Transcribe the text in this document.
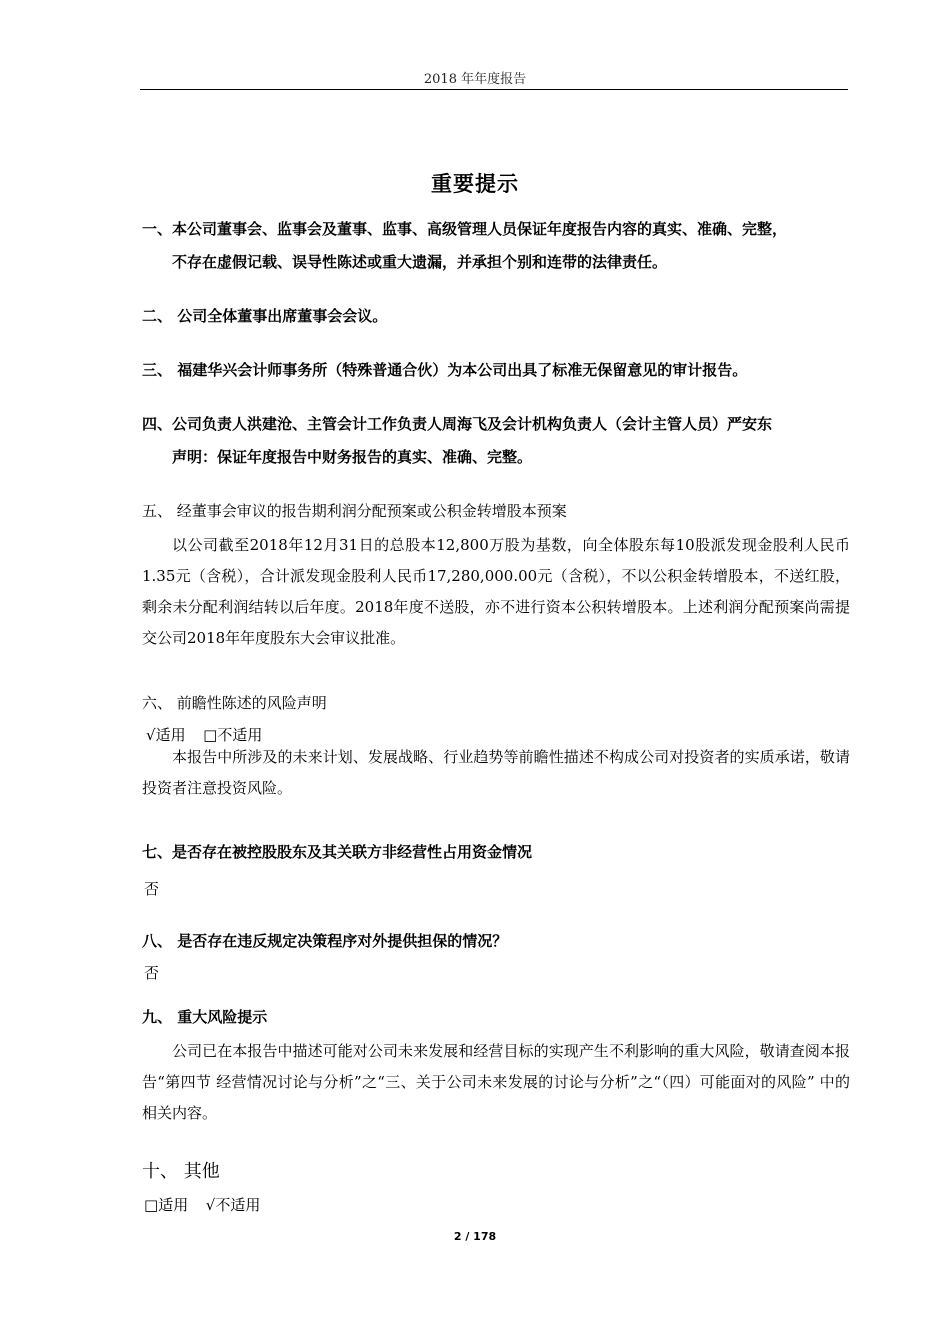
2018 年年度报告
重要提示
一、本公司董事会、监事会及董事、监事、高级管理人员保证年度报告内容的真实、准确、完整，
不存在虚假记载、误导性陈述或重大遗漏，并承担个别和连带的法律责任。
二、 公司全体董事出席董事会会议。
三、 福建华兴会计师事务所（特殊普通合伙）为本公司出具了标准无保留意见的审计报告。
四、公司负责人洪建沧、主管会计工作负责人周海飞及会计机构负责人（会计主管人员）严安东
声明：保证年度报告中财务报告的真实、准确、完整。
五、 经董事会审议的报告期利润分配预案或公积金转增股本预案
以公司截至2018年12月31日的总股本12,800万股为基数，向全体股东每10股派发现金股利人民币1.35元（含税），合计派发现金股利人民币17,280,000.00元（含税），不以公积金转增股本，不送红股，剩余未分配利润结转以后年度。2018年度不送股，亦不进行资本公积转增股本。上述利润分配预案尚需提交公司2018年年度股东大会审议批准。
六、 前瞻性陈述的风险声明
√适用 □不适用
本报告中所涉及的未来计划、发展战略、行业趋势等前瞻性描述不构成公司对投资者的实质承诺，敬请投资者注意投资风险。
七、是否存在被控股股东及其关联方非经营性占用资金情况
否
八、 是否存在违反规定决策程序对外提供担保的情况？
否
九、 重大风险提示
公司已在本报告中描述可能对公司未来发展和经营目标的实现产生不利影响的重大风险，敬请查阅本报告“第四节 经营情况讨论与分析”之“三、关于公司未来发展的讨论与分析”之“（四）可能面对的风险” 中的相关内容。
十、 其他
□适用 √不适用
2 / 178
